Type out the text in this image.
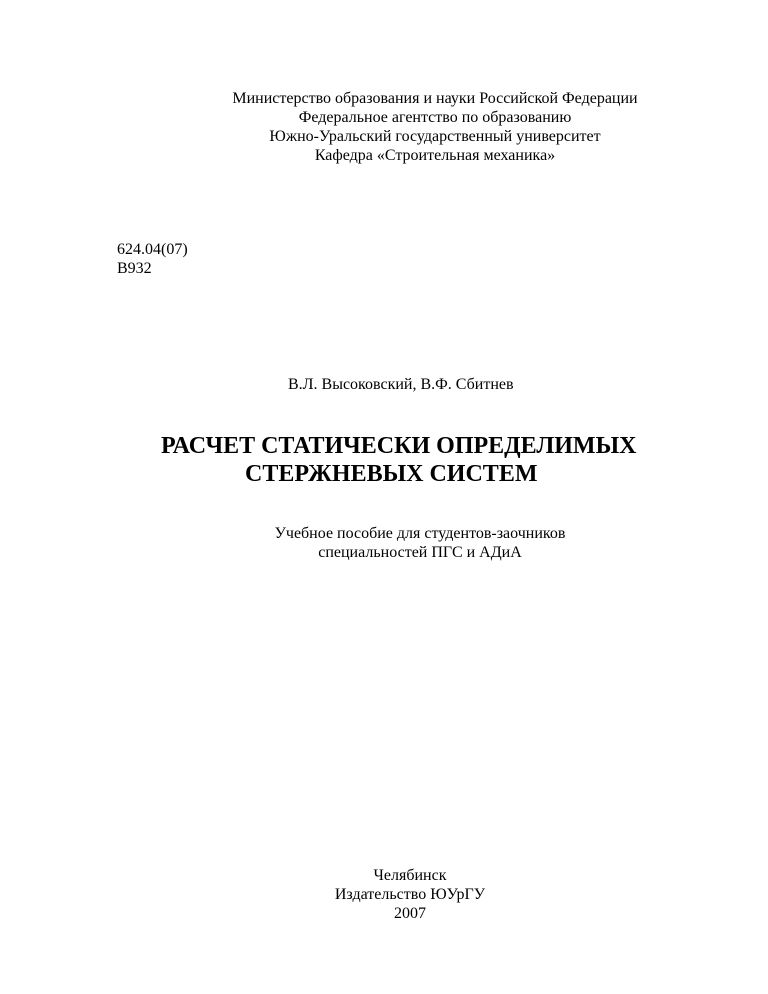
Министерство образования и науки Российской Федерации
Федеральное агентство по образованию
Южно-Уральский государственный университет
Кафедра «Строительная механика»
624.04(07)
В932
В.Л. Высоковский, В.Ф. Сбитнев
РАСЧЕТ СТАТИЧЕСКИ ОПРЕДЕЛИМЫХ
СТЕРЖНЕВЫХ СИСТЕМ
Учебное пособие для студентов-заочников
специальностей ПГС и АДиА
Челябинск
Издательство ЮУрГУ
2007
